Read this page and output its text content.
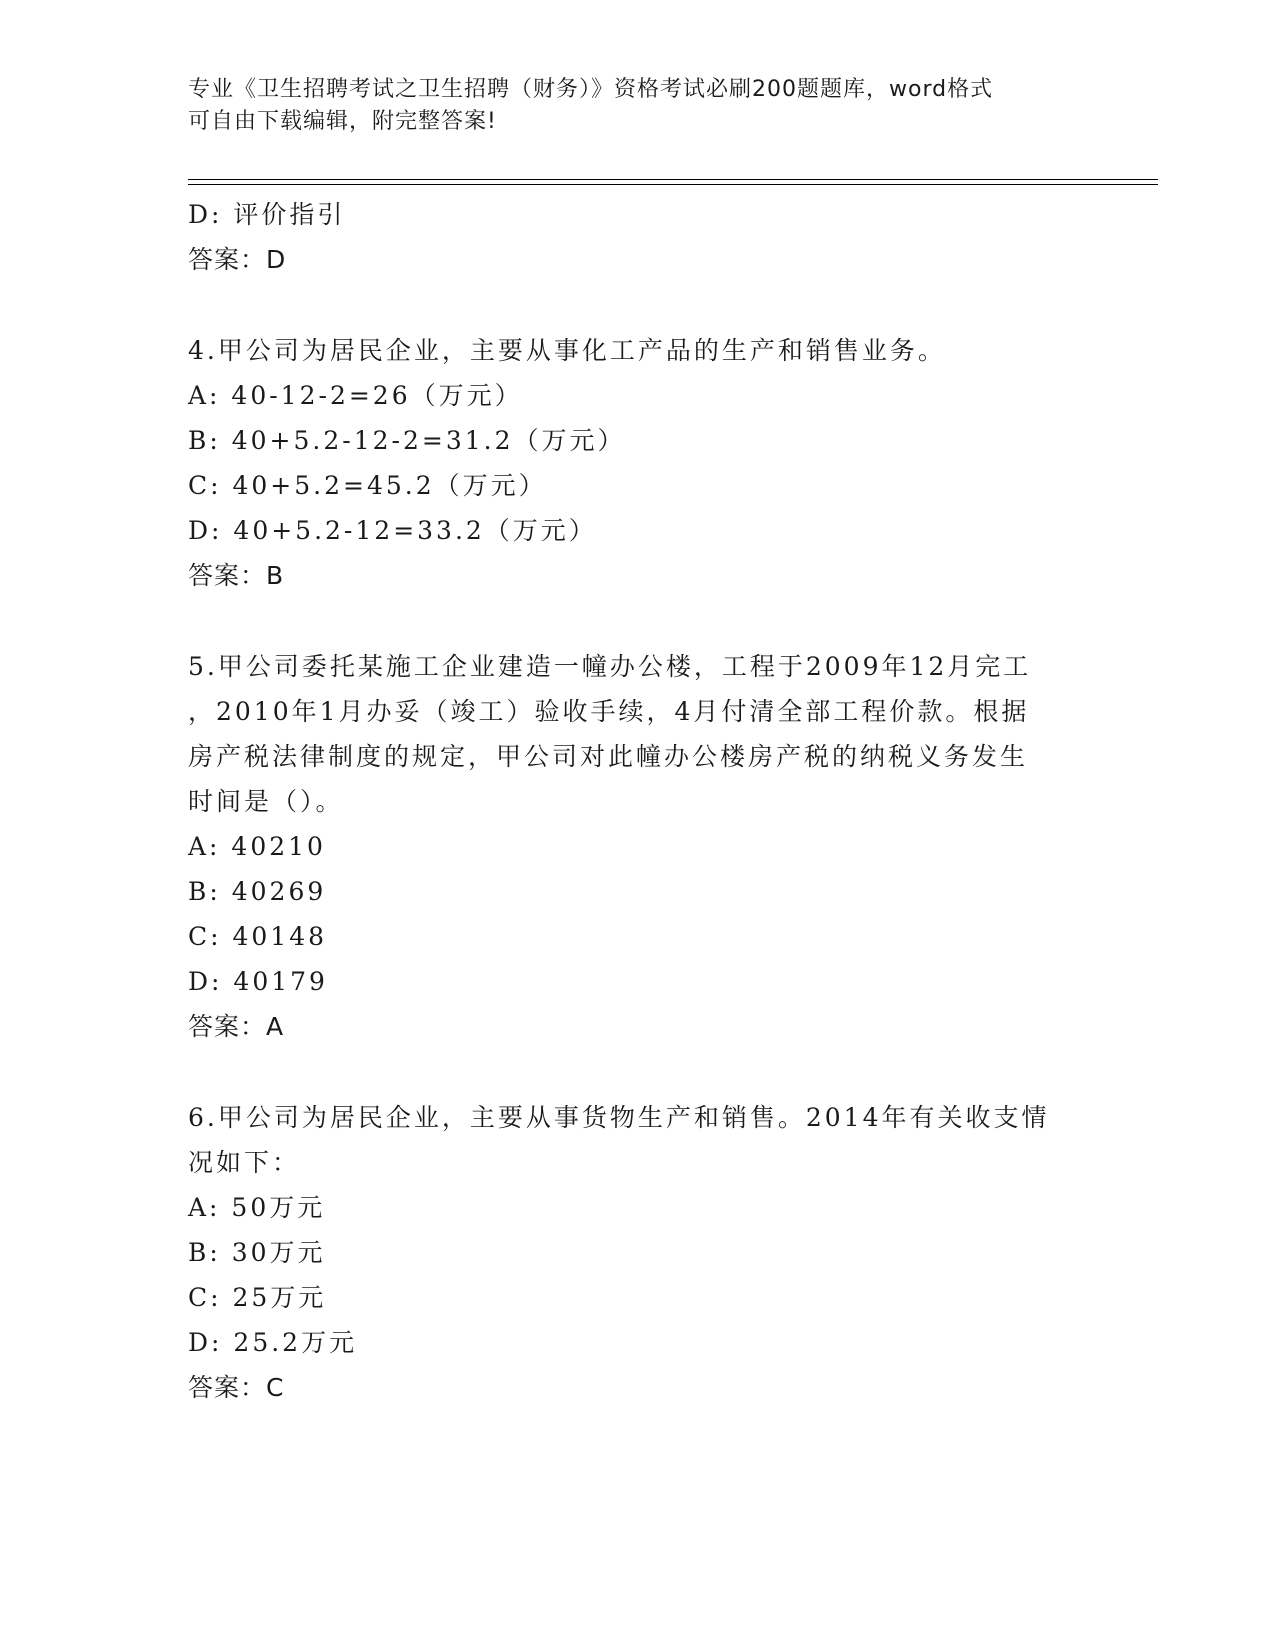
专业《卫生招聘考试之卫生招聘（财务）》资格考试必刷200题题库，word格式
可自由下载编辑，附完整答案!
D: 评价指引
答案：D
4.甲公司为居民企业，主要从事化工产品的生产和销售业务。
A: 40-12-2=26（万元）
B: 40+5.2-12-2=31.2（万元）
C: 40+5.2=45.2（万元）
D: 40+5.2-12=33.2（万元）
答案：B
5.甲公司委托某施工企业建造一幢办公楼，工程于2009年12月完工
，2010年1月办妥（竣工）验收手续，4月付清全部工程价款。根据
房产税法律制度的规定，甲公司对此幢办公楼房产税的纳税义务发生
时间是（）。
A: 40210
B: 40269
C: 40148
D: 40179
答案：A
6.甲公司为居民企业，主要从事货物生产和销售。2014年有关收支情
况如下：
A: 50万元
B: 30万元
C: 25万元
D: 25.2万元
答案：C
